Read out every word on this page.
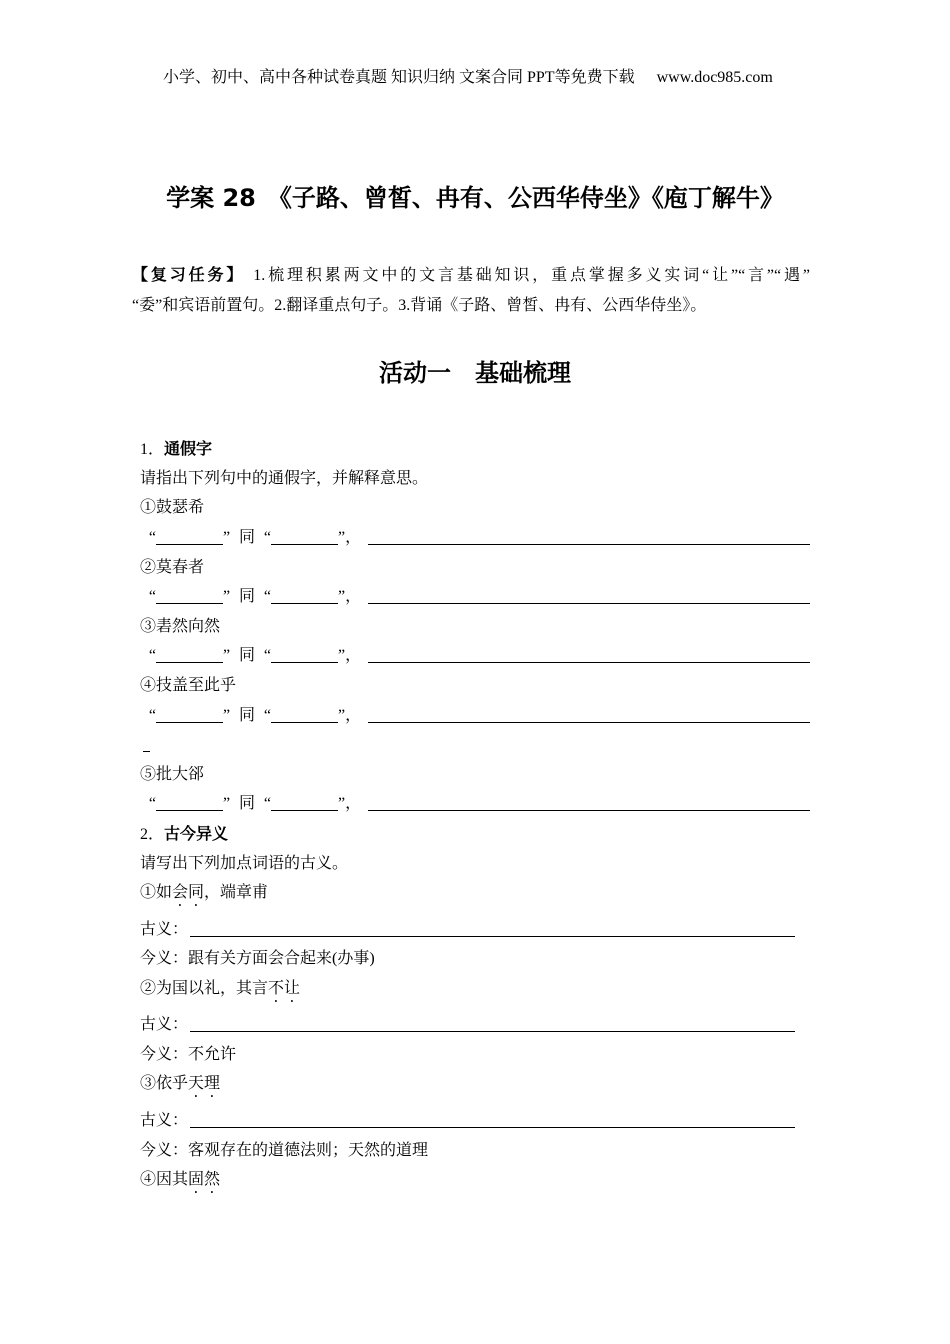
小学、初中、高中各种试卷真题 知识归纳 文案合同 PPT等免费下载 www.doc985.com
学案 28　《子路、曾皙、冉有、公西华侍坐》《庖丁解牛》
【复习任务】 1.梳理积累两文中的文言基础知识，重点掌握多义实词“让”“言”“遇”
“委”和宾语前置句。2.翻译重点句子。3.背诵《子路、曾皙、冉有、公西华侍坐》。
活动一　基础梳理
1．通假字
请指出下列句中的通假字，并解释意思。
①鼓瑟希
“	”同“	”，
②莫春者
“	”同“	”，
③砉然向然
“	”同“	”，
④技盖至此乎
“	”同“	”，
⑤批大郤
“	”同“	”，
2．古今异义
请写出下列加点词语的古义。
①如会同，端章甫
古义：
今义：跟有关方面会合起来(办事)
②为国以礼，其言不让
古义：
今义：不允许
③依乎天理
古义：
今义：客观存在的道德法则；天然的道理
④因其固然
